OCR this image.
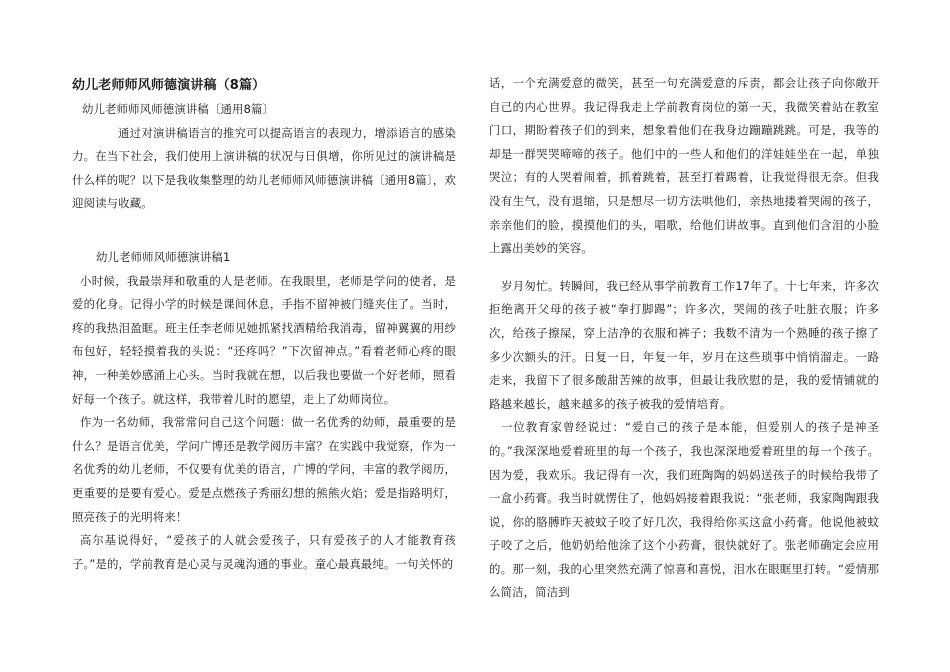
幼儿老师师风师德演讲稿（8篇）
幼儿老师师风师德演讲稿〔通用8篇〕

通过对演讲稿语言的推究可以提高语言的表现力，增添语言的感染力。在当下社会，我们使用上演讲稿的状况与日俱增，你所见过的演讲稿是什么样的呢？以下是我收集整理的幼儿老师师风师德演讲稿〔通用8篇〕，欢迎阅读与收藏。

幼儿老师师风师德演讲稿1

小时候，我最崇拜和敬重的人是老师。在我眼里，老师是学问的使者，是爱的化身。记得小学的时候是课间休息，手指不留神被门缝夹住了。当时，疼的我热泪盈眶。班主任李老师见她抓紧找酒精给我消毒，留神翼翼的用纱布包好，轻轻摸着我的头说：“还疼吗？”下次留神点。”看着老师心疼的眼神，一种美妙感涌上心头。当时我就在想，以后我也要做一个好老师，照看好每一个孩子。就这样，我带着儿时的愿望，走上了幼师岗位。

作为一名幼师，我常常问自己这个问题：做一名优秀的幼师，最重要的是什么？是语言优美，学问广博还是教学阅历丰富？在实践中我觉察，作为一名优秀的幼儿老师，不仅要有优美的语言，广博的学问，丰富的教学阅历，更重要的是要有爱心。爱是点燃孩子秀丽幻想的熊熊火焰；爱是指路明灯，照亮孩子的光明将来！

高尔基说得好，“爱孩子的人就会爱孩子，只有爱孩子的人才能教育孩子。”是的，学前教育是心灵与灵魂沟通的事业。童心最真最纯。一句关怀的

话，一个充满爱意的微笑，甚至一句充满爱意的斥责，都会让孩子向你敞开自己的内心世界。我记得我走上学前教育岗位的第一天，我微笑着站在教室门口，期盼着孩子们的到来，想象着他们在我身边蹦蹦跳跳。可是，我等的却是一群哭哭啼啼的孩子。他们中的一些人和他们的洋娃娃坐在一起，单独哭泣；有的人哭着闹着，抓着跳着，甚至打着踢着，让我觉得很无奈。但我没有生气，没有退缩，只是想尽一切方法哄他们，亲热地搂着哭闹的孩子，亲亲他们的脸，摸摸他们的头，唱歌，给他们讲故事。直到他们含泪的小脸上露出美妙的笑容。

岁月匆忙。转瞬间，我已经从事学前教育工作17年了。十七年来，许多次拒绝离开父母的孩子被“拳打脚踢”；许多次，哭闹的孩子吐脏衣服；许多次，给孩子擦屎，穿上洁净的衣服和裤子；我数不清为一个熟睡的孩子擦了多少次额头的汗。日复一日，年复一年，岁月在这些琐事中悄悄溜走。一路走来，我留下了很多酸甜苦辣的故事，但最让我欣慰的是，我的爱情铺就的路越来越长，越来越多的孩子被我的爱情培育。

一位教育家曾经说过：“爱自己的孩子是本能，但爱别人的孩子是神圣的。”我深深地爱着班里的每一个孩子，我也深深地爱着班里的每一个孩子。因为爱，我欢乐。我记得有一次，我们班陶陶的妈妈送孩子的时候给我带了一盒小药膏。我当时就愣住了，他妈妈接着跟我说：“张老师，我家陶陶跟我说，你的胳膊昨天被蚊子咬了好几次，我得给你买这盒小药膏。他说他被蚊子咬了之后，他奶奶给他涂了这个小药膏，很快就好了。张老师确定会应用的。那一刻，我的心里突然充满了惊喜和喜悦，泪水在眼眶里打转。“爱情那么简洁，简洁到
